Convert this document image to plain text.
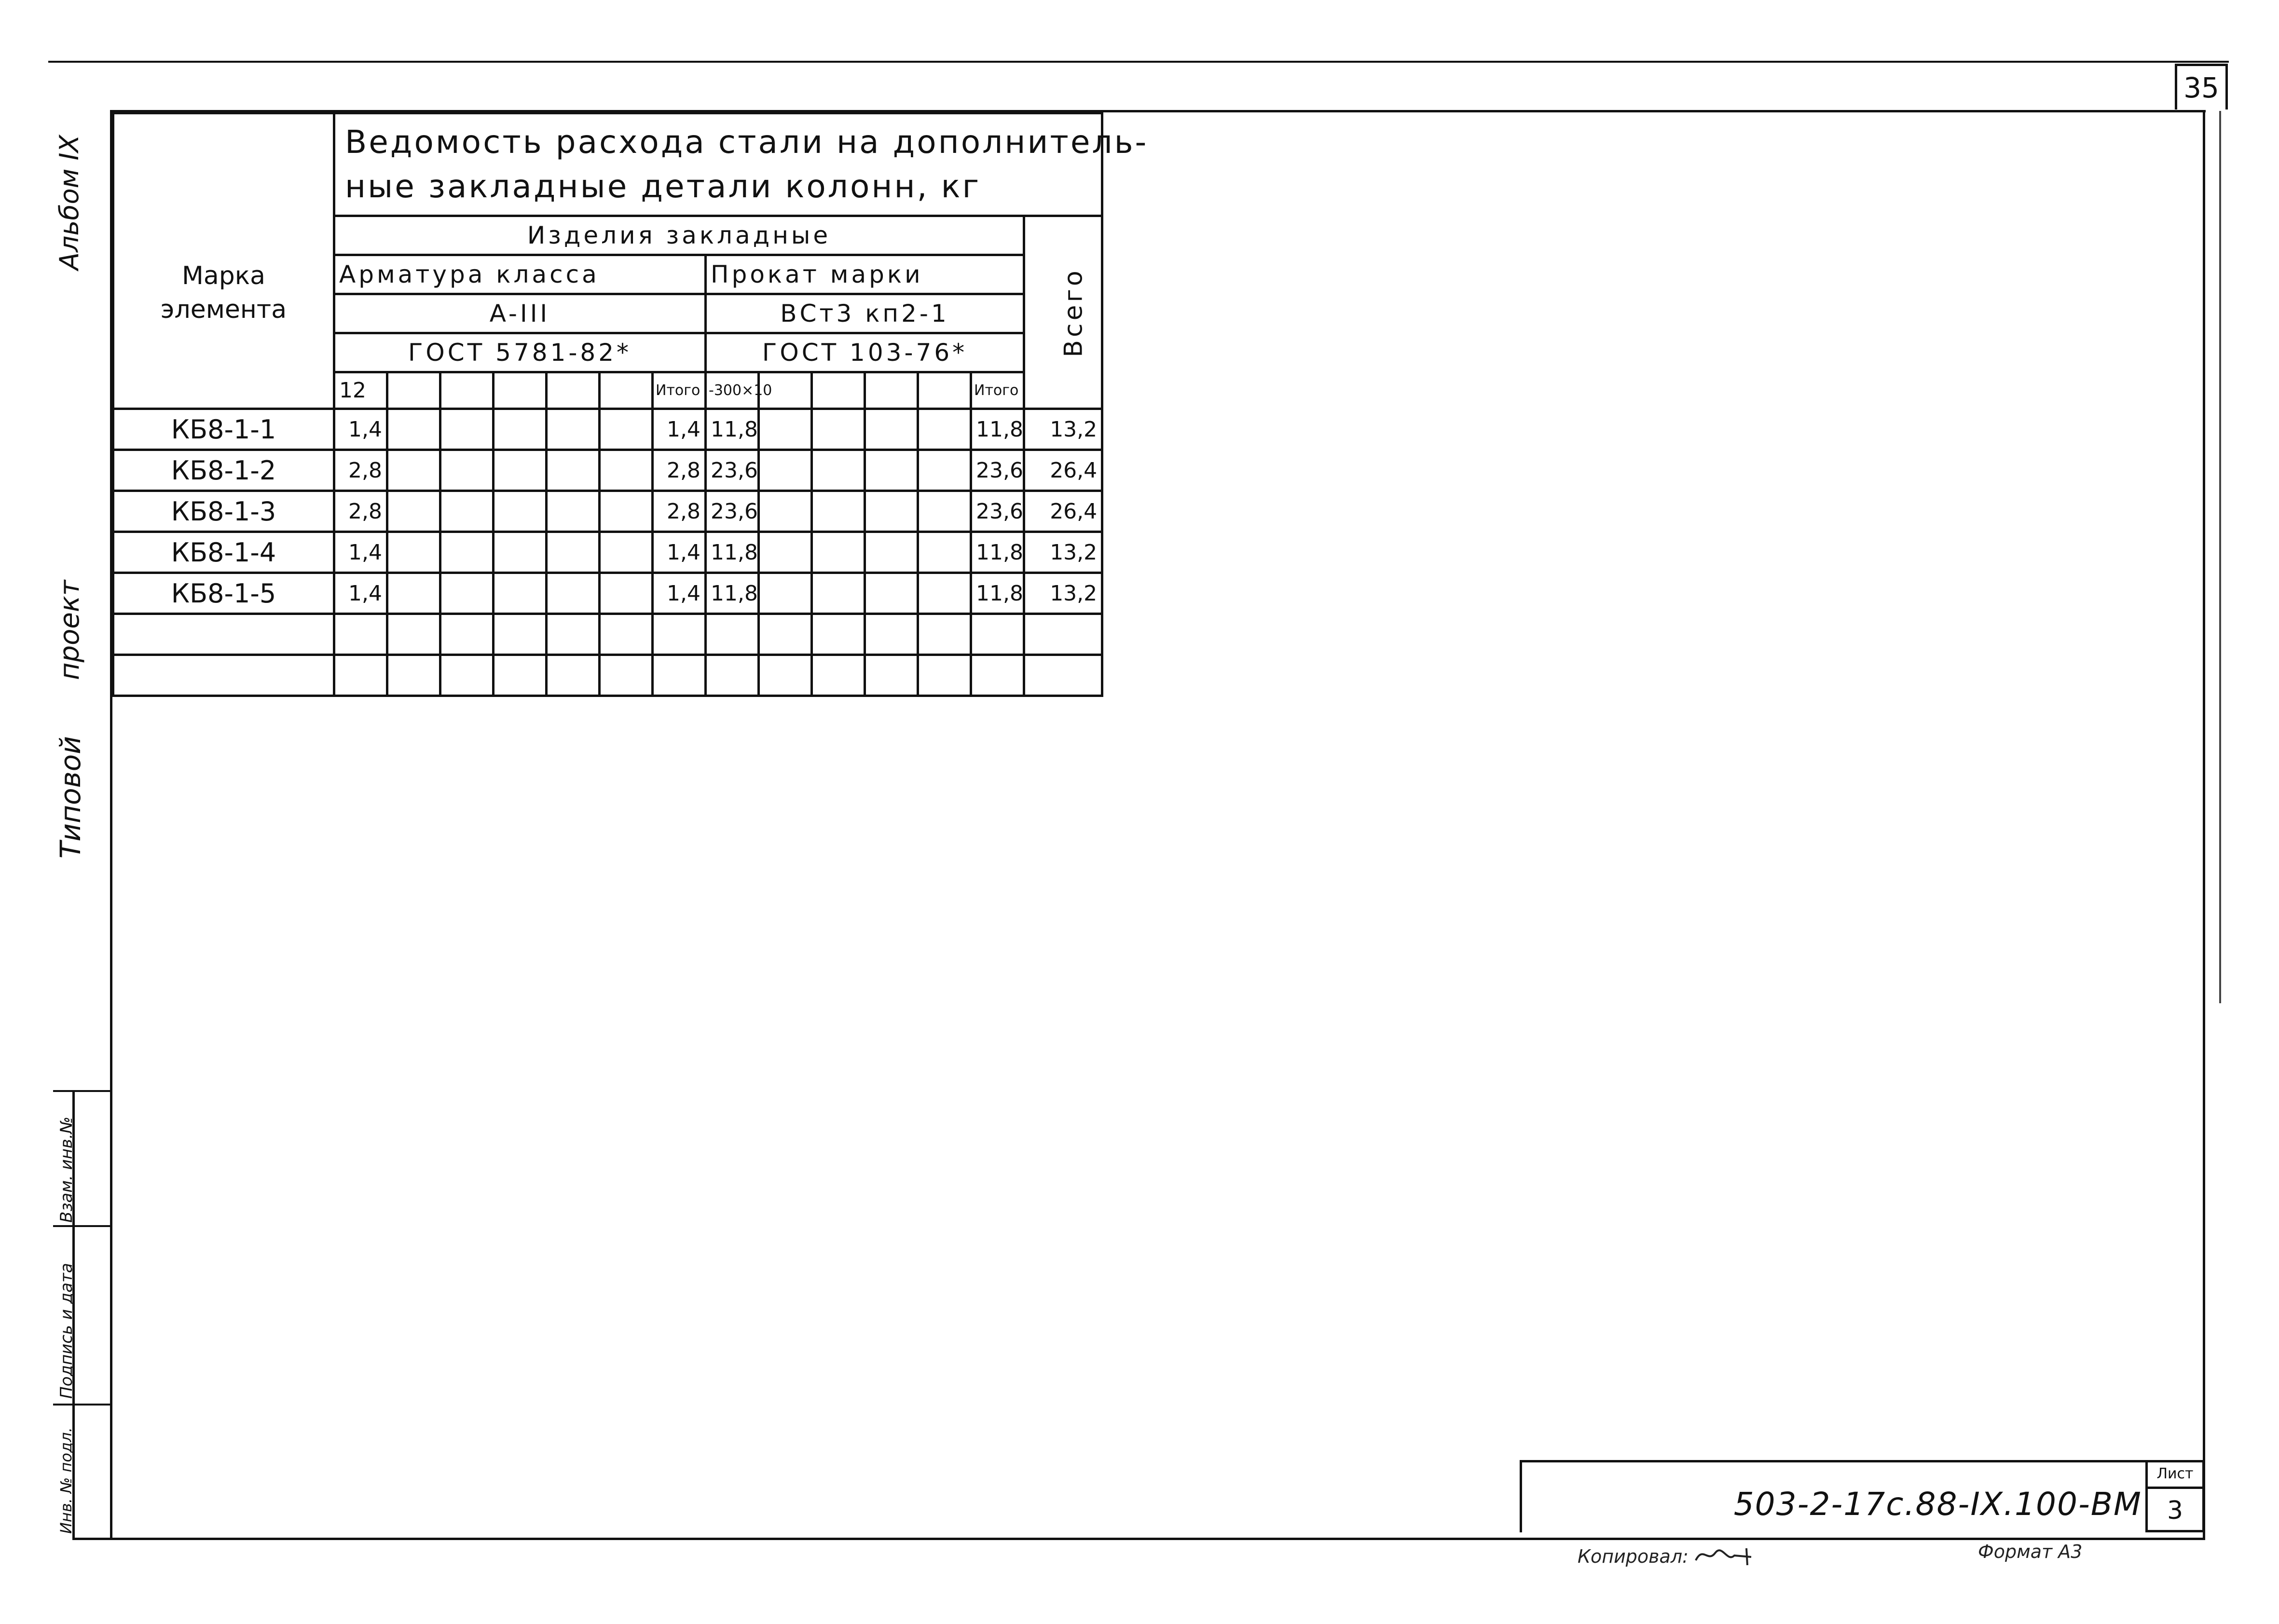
35
Альбом IX
Типовой
проект
Взам. инв.№
Подпись и дата
Инв. № подл.
Марка элемента	Ведомость расхода стали на дополнитель-
ные закладные детали колонн, кг													

	Изделия закладные													Всего
	Арматура класса							Прокат марки						
	A-III							ВСт3 кп2-1						
	ГОСТ 5781-82*							ГОСТ 103-76*						
	12						Итого	-300×10					Итого	
КБ8-1-1	1,4						1,4	11,8					11,8	13,2
КБ8-1-2	2,8						2,8	23,6					23,6	26,4
КБ8-1-3	2,8						2,8	23,6					23,6	26,4
КБ8-1-4	1,4						1,4	11,8					11,8	13,2
КБ8-1-5	1,4						1,4	11,8					11,8	13,2

503-2-17с.88-IX.100-ВМ
Лист
3
Копировал:	Формат А3
